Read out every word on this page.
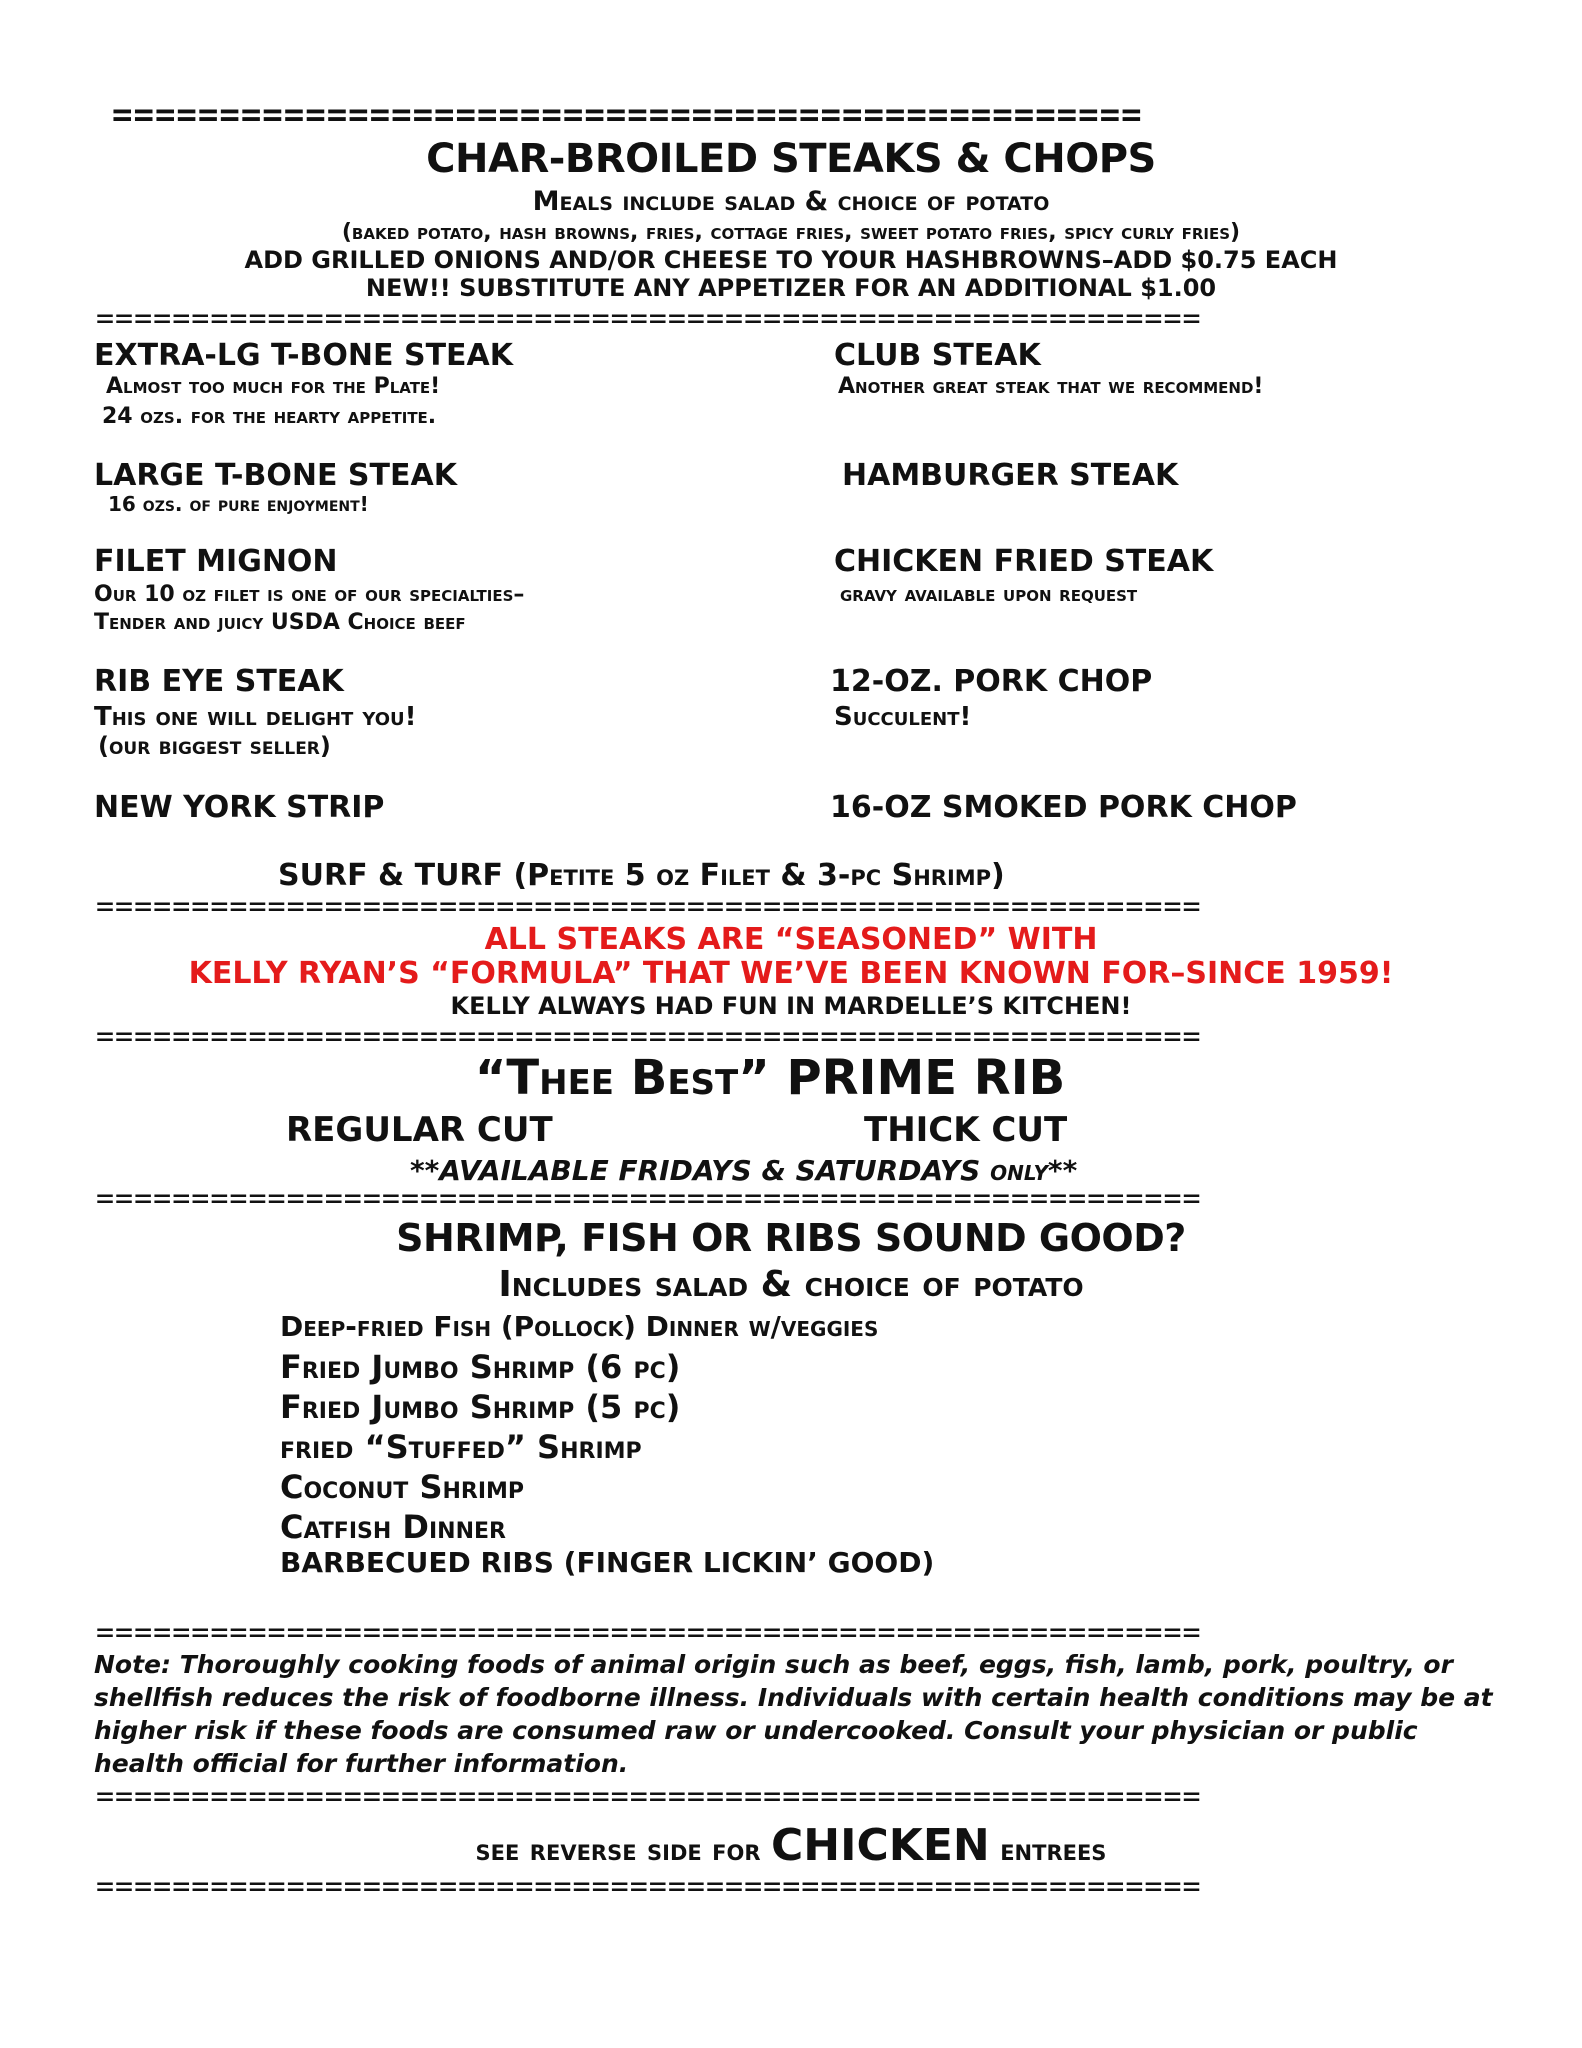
================================================
CHAR-BROILED STEAKS & CHOPS
Meals include salad & choice of potato
(baked potato, hash browns, fries, cottage fries, sweet potato fries, spicy curly fries)
ADD GRILLED ONIONS AND/OR CHEESE TO YOUR HASHBROWNS–ADD $0.75 EACH
NEW!! SUBSTITUTE ANY APPETIZER FOR AN ADDITIONAL $1.00
==========================================================
EXTRA-LG T-BONE STEAK
Almost too much for the Plate!
24 ozs. for the hearty appetite.
LARGE T-BONE STEAK
16 ozs. of pure enjoyment!
FILET MIGNON
Our 10 oz filet is one of our specialties–
Tender and juicy USDA Choice beef
RIB EYE STEAK
This one will delight you!
(our biggest seller)
NEW YORK STRIP
CLUB STEAK
Another great steak that we recommend!
HAMBURGER STEAK
CHICKEN FRIED STEAK
gravy available upon request
12-OZ. PORK CHOP
Succulent!
16-OZ SMOKED PORK CHOP
SURF & TURF (Petite 5 oz Filet & 3-pc Shrimp)
==========================================================
ALL STEAKS ARE “SEASONED” WITH
KELLY RYAN’S “FORMULA” THAT WE’VE BEEN KNOWN FOR–SINCE 1959!
KELLY ALWAYS HAD FUN IN MARDELLE’S KITCHEN!
==========================================================
“Thee Best” PRIME RIB
REGULAR CUT	THICK CUT
**AVAILABLE FRIDAYS & SATURDAYS only**
==========================================================
SHRIMP, FISH OR RIBS SOUND GOOD?
Includes salad & choice of potato
Deep-fried Fish (Pollock) Dinner w/veggies
Fried Jumbo Shrimp (6 pc)
Fried Jumbo Shrimp (5 pc)
fried “Stuffed” Shrimp
Coconut Shrimp
Catfish Dinner
BARBECUED RIBS (FINGER LICKIN’ GOOD)
==========================================================
Note: Thoroughly cooking foods of animal origin such as beef, eggs, fish, lamb, pork, poultry, or shellfish reduces the risk of foodborne illness. Individuals with certain health conditions may be at higher risk if these foods are consumed raw or undercooked. Consult your physician or public health official for further information.
==========================================================
see reverse side for CHICKEN entrees
==========================================================
